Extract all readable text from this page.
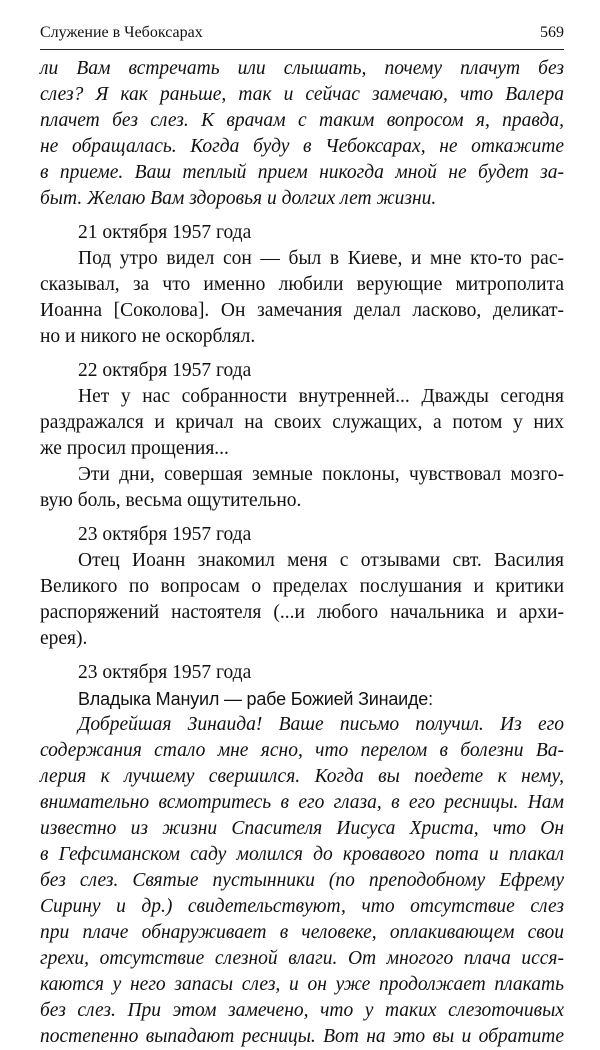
Служение в Чебоксарах	569
ли Вам встречать или слышать, почему плачут без
слез? Я как раньше, так и сейчас замечаю, что Валера
плачет без слез. К врачам с таким вопросом я, правда,
не обращалась. Когда буду в Чебоксарах, не откажите
в приеме. Ваш теплый прием никогда мной не будет за-
быт. Желаю Вам здоровья и долгих лет жизни.
21 октября 1957 года
Под утро видел сон — был в Киеве, и мне кто-то рас-
сказывал, за что именно любили верующие митрополита
Иоанна [Соколова]. Он замечания делал ласково, деликат-
но и никого не оскорблял.
22 октября 1957 года
Нет у нас собранности внутренней... Дважды сегодня
раздражался и кричал на своих служащих, а потом у них
же просил прощения...
Эти дни, совершая земные поклоны, чувствовал мозго-
вую боль, весьма ощутительно.
23 октября 1957 года
Отец Иоанн знакомил меня с отзывами свт. Василия
Великого по вопросам о пределах послушания и критики
распоряжений настоятеля (...и любого начальника и архи-
ерея).
23 октября 1957 года
Владыка Мануил — рабе Божией Зинаиде:
Добрейшая Зинаида! Ваше письмо получил. Из его
содержания стало мне ясно, что перелом в болезни Ва-
лерия к лучшему свершился. Когда вы поедете к нему,
внимательно всмотритесь в его глаза, в его ресницы. Нам
известно из жизни Спасителя Иисуса Христа, что Он
в Гефсиманском саду молился до кровавого пота и плакал
без слез. Святые пустынники (по преподобному Ефрему
Сирину и др.) свидетельствуют, что отсутствие слез
при плаче обнаруживает в человеке, оплакивающем свои
грехи, отсутствие слезной влаги. От многого плача исся-
каются у него запасы слез, и он уже продолжает плакать
без слез. При этом замечено, что у таких слезоточивых
постепенно выпадают ресницы. Вот на это вы и обратите
